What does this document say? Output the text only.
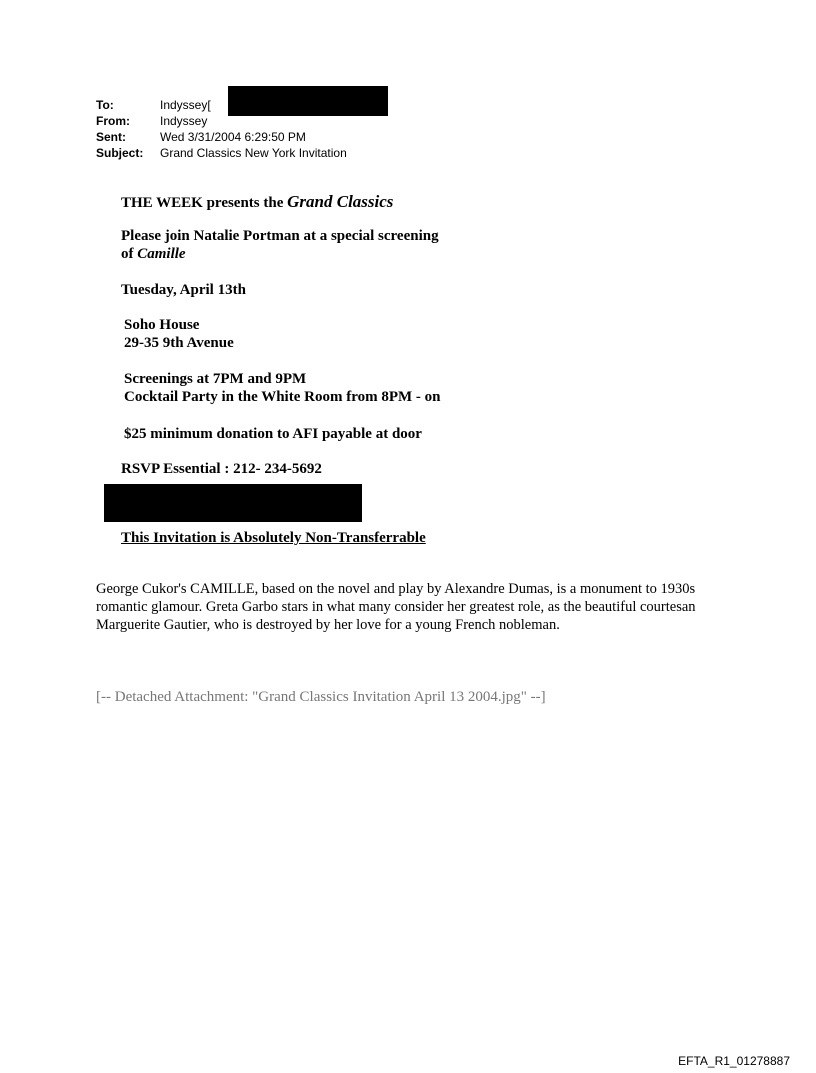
To:	Indyssey[
From:	Indyssey
Sent:	Wed 3/31/2004 6:29:50 PM
Subject:	Grand Classics New York Invitation
THE WEEK presents the Grand Classics
Please join Natalie Portman at a special screening
of Camille
Tuesday, April 13th
Soho House
29-35 9th Avenue
Screenings at 7PM and 9PM
Cocktail Party in the White Room from 8PM - on
$25 minimum donation to AFI payable at door
RSVP Essential : 212- 234-5692
This Invitation is Absolutely Non-Transferrable
George Cukor's CAMILLE, based on the novel and play by Alexandre Dumas, is a monument to 1930s romantic glamour. Greta Garbo stars in what many consider her greatest role, as the beautiful courtesan Marguerite Gautier, who is destroyed by her love for a young French nobleman.
[-- Detached Attachment: "Grand Classics Invitation April 13 2004.jpg" --]
EFTA_R1_01278887
